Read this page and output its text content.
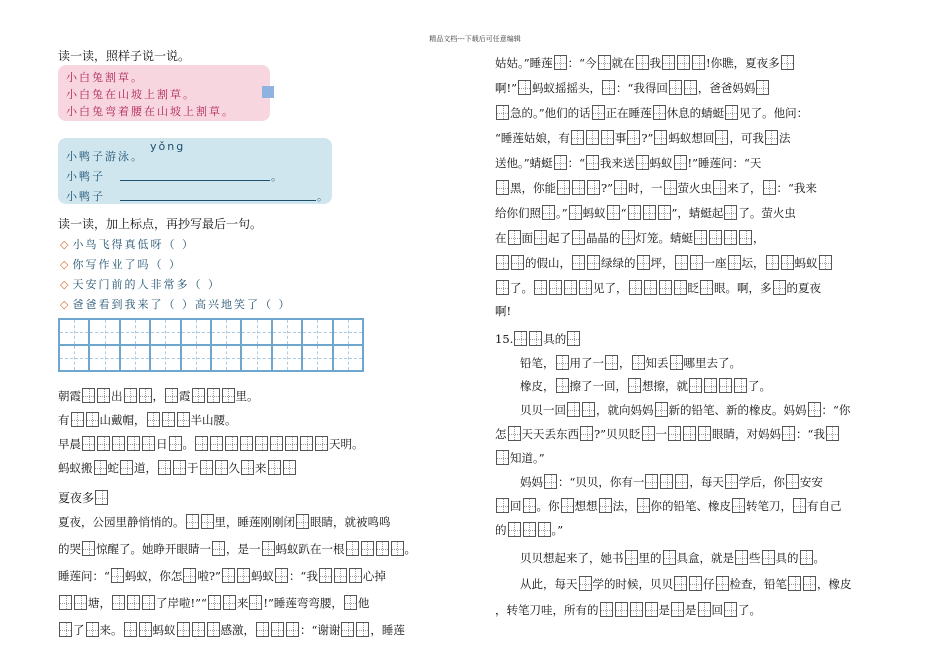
精品文档---下载后可任意编辑
读一读，照样子说一说。
小白兔割草。
小白兔在山坡上割草。
小白兔弯着腰在山坡上割草。
yǒng
小鸭子游泳。
小鸭子	。
小鸭子	。
读一读，加上标点，再抄写最后一句。
◇ 小鸟飞得真低呀（ ）
◇ 你写作业了吗（ ）
◇ 天安门前的人非常多（ ）
◇ 爸爸看到我来了（ ）高兴地笑了（ ）
朝霞	出	， 霞	里。
有	山戴帽，	半山腰。
早晨	日 。	天明。
蚂蚁搬 蛇 道，	于	久 来
夏夜多
夏夜，公园里静悄悄的。	里，睡莲刚刚闭 眼睛，就被鸣鸣
的哭 惊醒了。她睁开眼睛一 ，是一 蚂蚁趴在一根	。
睡莲问：“ 蚂蚁，你怎 啦?”	蚂蚁 ：“我	心掉
塘，	了岸啦!”“	来 !”睡莲弯弯腰， 他
了 来。	蚂蚁	感激，	：“谢谢	，睡莲
姑姑。”睡莲 ：“今 就在 我	!你瞧，夏夜多
啊!” 蚂蚁摇摇头， ：“我得回	，爸爸妈妈
急的。”他们的话 正在睡莲 休息的蜻蜓 见了。他问：
“睡莲姑娘，有	事 ?” 蚂蚁想回 ，可我 法
送他。”蜻蜓 ：“ 我来送 蚂蚁 !”睡莲问：“天
黑，你能	?” 时，一 萤火虫 来了， ：“我来
给你们照 。” 蚂蚁 “	”，蜻蜓起 了。萤火虫
在 面 起了 晶晶的 灯笼。蜻蜓	，
的假山，	绿绿的 坪，	一座 坛，	蚂蚁
了。	见了，	眨 眼。啊，多 的夏夜
啊!
15.	具的
铅笔， 用了一 ， 知丢 哪里去了。
橡皮， 擦了一回， 想擦，就	了。
贝贝一回	，就向妈妈 新的铅笔、新的橡皮。妈妈 ：“你
怎 天天丢东西 ?”贝贝眨 一	眼睛，对妈妈 ：“我
知道。”
妈妈 ：“贝贝，你有一	，每天 学后，你 安安
回 。你 想想 法， 你的铅笔、橡皮 转笔刀， 有自己
的	。”
贝贝想起来了，她书 里的 具盒，就是 些 具的 。
从此，每天 学的时候，贝贝	仔 检查，铅笔	，橡皮
，转笔刀哇，所有的	是 是 回 了。
